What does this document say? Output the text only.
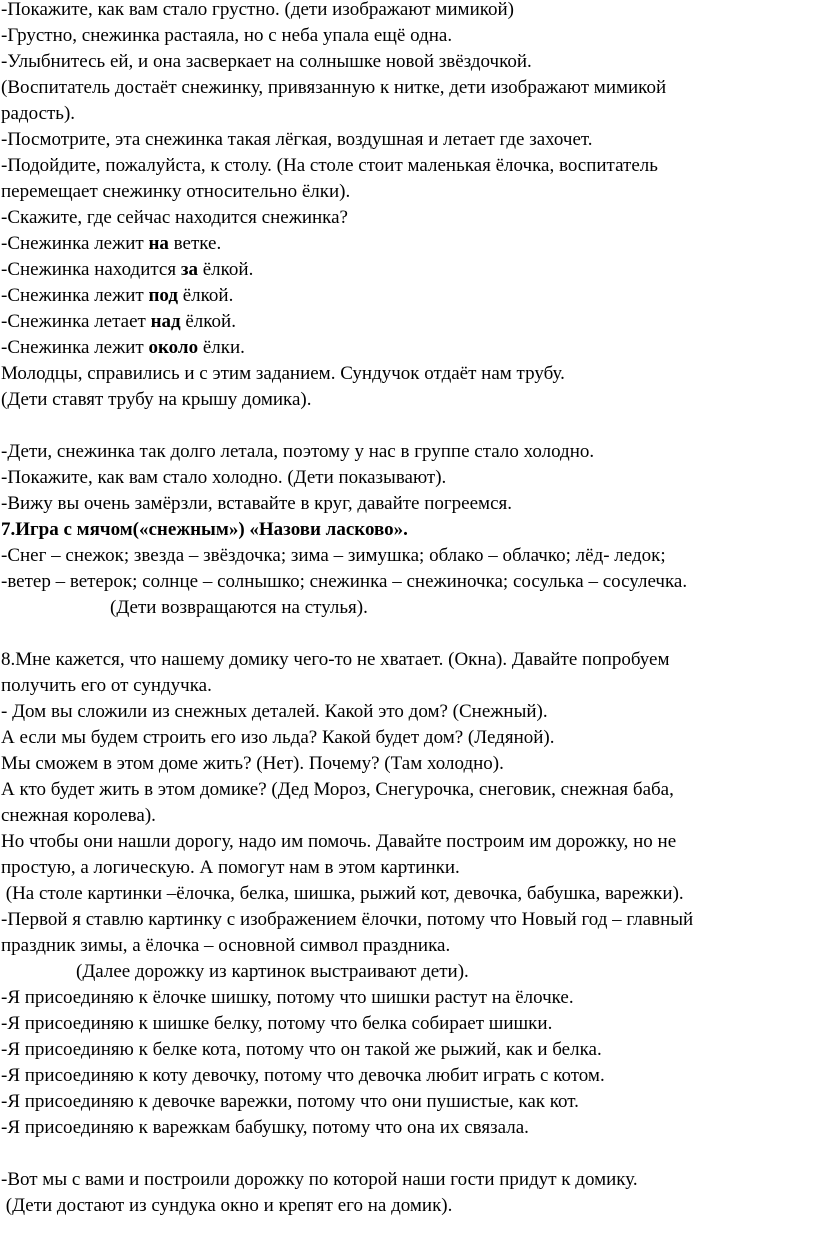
-Покажите, как вам стало грустно. (дети изображают мимикой)
-Грустно, снежинка растаяла, но с неба упала ещё одна.
-Улыбнитесь ей, и она засверкает на солнышке новой звёздочкой.
(Воспитатель достаёт снежинку, привязанную к нитке, дети изображают мимикой
радость).
-Посмотрите, эта снежинка такая лёгкая, воздушная и летает где захочет.
-Подойдите, пожалуйста, к столу. (На столе стоит маленькая ёлочка, воспитатель
перемещает снежинку относительно ёлки).
-Скажите, где сейчас находится снежинка?
-Снежинка лежит на ветке.
-Снежинка находится за ёлкой.
-Снежинка лежит под ёлкой.
-Снежинка летает над ёлкой.
-Снежинка лежит около ёлки.
Молодцы, справились и с этим заданием. Сундучок отдаёт нам трубу.
(Дети ставят трубу на крышу домика).
-Дети, снежинка так долго летала, поэтому у нас в группе стало холодно.
-Покажите, как вам стало холодно. (Дети показывают).
-Вижу вы очень замёрзли, вставайте в круг, давайте погреемся.
7.Игра с мячом(«снежным») «Назови ласково».
-Снег – снежок; звезда – звёздочка; зима – зимушка; облако – облачко; лёд- ледок;
-ветер – ветерок; солнце – солнышко; снежинка – снежиночка; сосулька – сосулечка.
(Дети возвращаются на стулья).
8.Мне кажется, что нашему домику чего-то не хватает. (Окна). Давайте попробуем
получить его от сундучка.
- Дом вы сложили из снежных деталей. Какой это дом? (Снежный).
А если мы будем строить его изо льда? Какой будет дом? (Ледяной).
Мы сможем в этом доме жить? (Нет). Почему? (Там холодно).
А кто будет жить в этом домике? (Дед Мороз, Снегурочка, снеговик, снежная баба,
снежная королева).
Но чтобы они нашли дорогу, надо им помочь. Давайте построим им дорожку, но не
простую, а логическую. А помогут нам в этом картинки.
(На столе картинки –ёлочка, белка, шишка, рыжий кот, девочка, бабушка, варежки).
-Первой я ставлю картинку с изображением ёлочки, потому что Новый год – главный
праздник зимы, а ёлочка – основной символ праздника.
(Далее дорожку из картинок выстраивают дети).
-Я присоединяю к ёлочке шишку, потому что шишки растут на ёлочке.
-Я присоединяю к шишке белку, потому что белка собирает шишки.
-Я присоединяю к белке кота, потому что он такой же рыжий, как и белка.
-Я присоединяю к коту девочку, потому что девочка любит играть с котом.
-Я присоединяю к девочке варежки, потому что они пушистые, как кот.
-Я присоединяю к варежкам бабушку, потому что она их связала.
-Вот мы с вами и построили дорожку по которой наши гости придут к домику.
(Дети достают из сундука окно и крепят его на домик).
